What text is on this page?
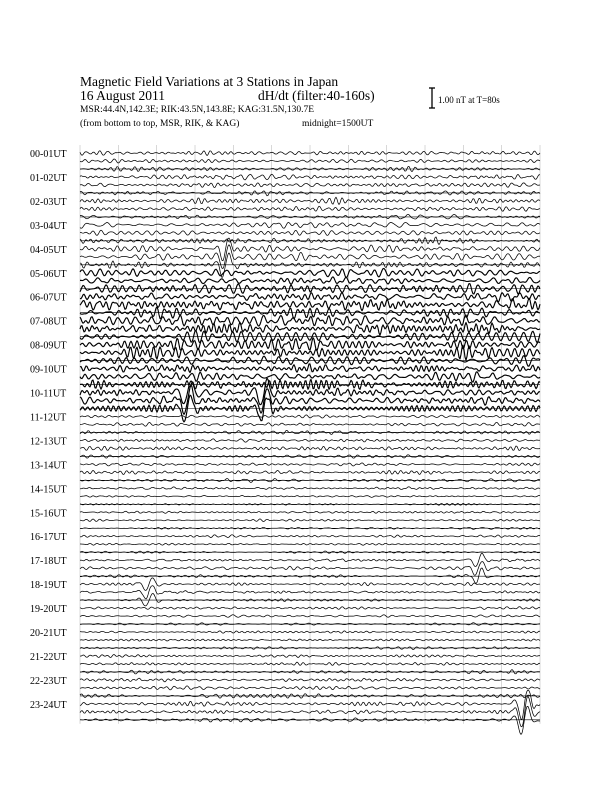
Magnetic Field Variations at 3 Stations in Japan
16 August 2011	dH/dt (filter:40-160s)
MSR:44.4N,142.3E; RIK:43.5N,143.8E; KAG:31.5N,130.7E
(from bottom to top, MSR, RIK, & KAG)	midnight=1500UT
1.00 nT at T=80s
00-01UT
01-02UT
02-03UT
03-04UT
04-05UT
05-06UT
06-07UT
07-08UT
08-09UT
09-10UT
10-11UT
11-12UT
12-13UT
13-14UT
14-15UT
15-16UT
16-17UT
17-18UT
18-19UT
19-20UT
20-21UT
21-22UT
22-23UT
23-24UT
